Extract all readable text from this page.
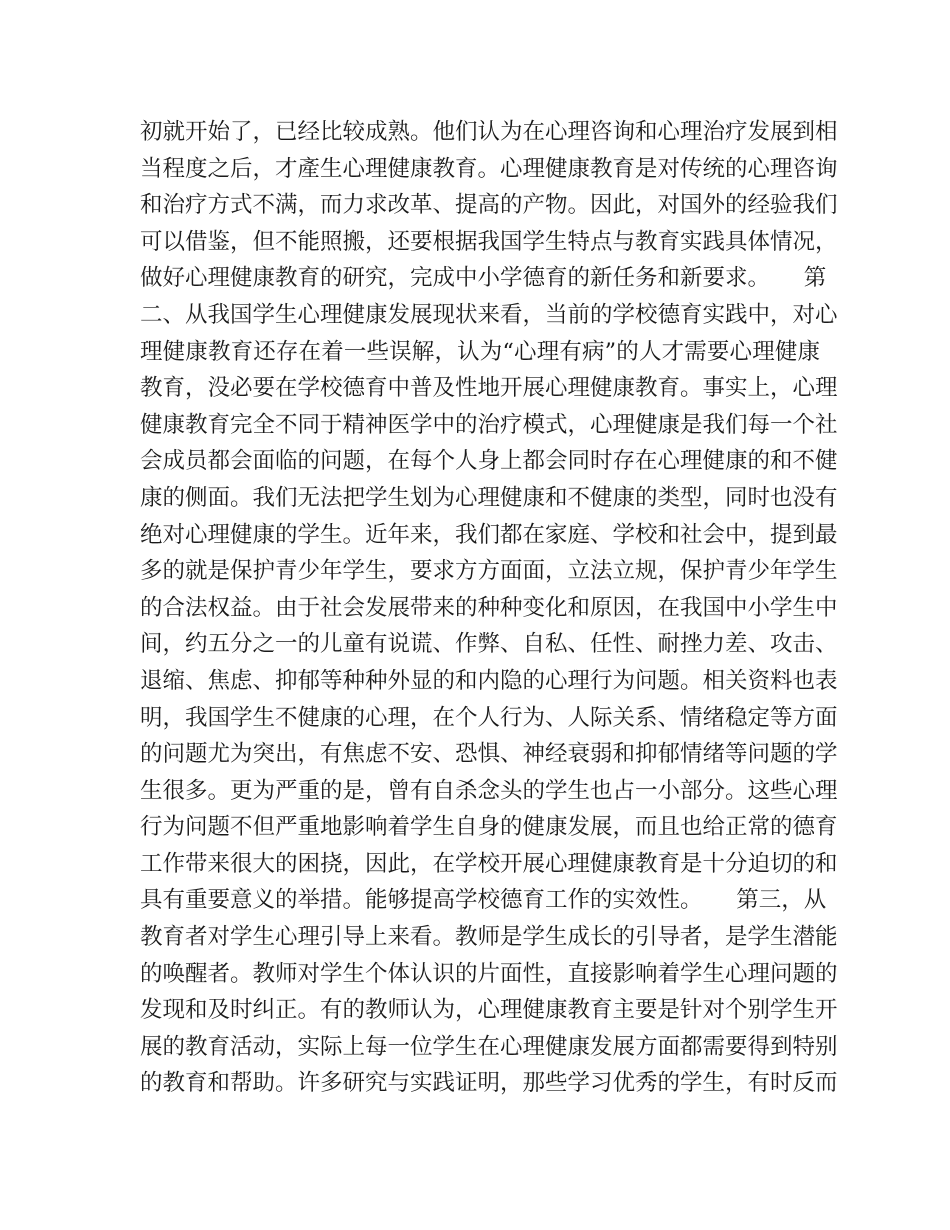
初就开始了，已经比较成熟。他们认为在心理咨询和心理治疗发展到相
当程度之后，才產生心理健康教育。心理健康教育是对传统的心理咨询
和治疗方式不满，而力求改革、提高的产物。因此，对国外的经验我们
可以借鉴，但不能照搬，还要根据我国学生特点与教育实践具体情况，
做好心理健康教育的研究，完成中小学德育的新任务和新要求。　　第
二、从我国学生心理健康发展现状来看，当前的学校德育实践中，对心
理健康教育还存在着一些误解，认为“心理有病”的人才需要心理健康
教育，没必要在学校德育中普及性地开展心理健康教育。事实上，心理
健康教育完全不同于精神医学中的治疗模式，心理健康是我们每一个社
会成员都会面临的问题，在每个人身上都会同时存在心理健康的和不健
康的侧面。我们无法把学生划为心理健康和不健康的类型，同时也没有
绝对心理健康的学生。近年来，我们都在家庭、学校和社会中，提到最
多的就是保护青少年学生，要求方方面面，立法立规，保护青少年学生
的合法权益。由于社会发展带来的种种变化和原因，在我国中小学生中
间，约五分之一的儿童有说谎、作弊、自私、任性、耐挫力差、攻击、
退缩、焦虑、抑郁等种种外显的和内隐的心理行为问题。相关资料也表
明，我国学生不健康的心理，在个人行为、人际关系、情绪稳定等方面
的问题尤为突出，有焦虑不安、恐惧、神经衰弱和抑郁情绪等问题的学
生很多。更为严重的是，曾有自杀念头的学生也占一小部分。这些心理
行为问题不但严重地影响着学生自身的健康发展，而且也给正常的德育
工作带来很大的困挠，因此，在学校开展心理健康教育是十分迫切的和
具有重要意义的举措。能够提高学校德育工作的实效性。　　第三，从
教育者对学生心理引导上来看。教师是学生成长的引导者，是学生潜能
的唤醒者。教师对学生个体认识的片面性，直接影响着学生心理问题的
发现和及时纠正。有的教师认为，心理健康教育主要是针对个别学生开
展的教育活动，实际上每一位学生在心理健康发展方面都需要得到特别
的教育和帮助。许多研究与实践证明，那些学习优秀的学生，有时反而
